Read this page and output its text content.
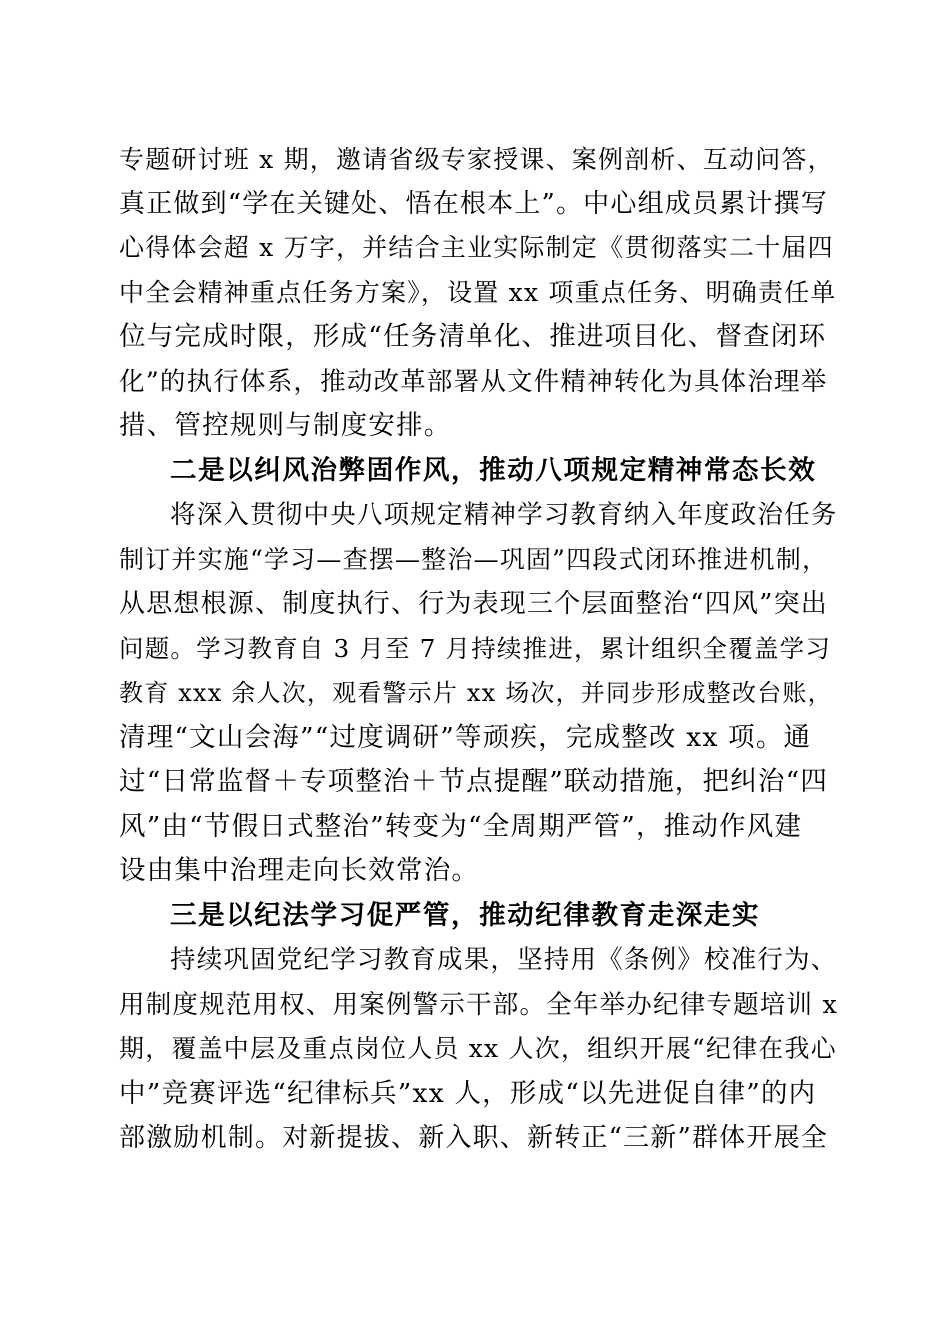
专题研讨班 x 期，邀请省级专家授课、案例剖析、互动问答，
真正做到“学在关键处、悟在根本上”。中心组成员累计撰写
心得体会超 x 万字，并结合主业实际制定《贯彻落实二十届四
中全会精神重点任务方案》，设置 xx 项重点任务、明确责任单
位与完成时限，形成“任务清单化、推进项目化、督查闭环
化”的执行体系，推动改革部署从文件精神转化为具体治理举
措、管控规则与制度安排。
二是以纠风治弊固作风，推动八项规定精神常态长效
将深入贯彻中央八项规定精神学习教育纳入年度政治任务
制订并实施“学习—查摆—整治—巩固”四段式闭环推进机制，
从思想根源、制度执行、行为表现三个层面整治“四风”突出
问题。学习教育自 3 月至 7 月持续推进，累计组织全覆盖学习
教育 xxx 余人次，观看警示片 xx 场次，并同步形成整改台账，
清理“文山会海”“过度调研”等顽疾，完成整改 xx 项。通
过“日常监督＋专项整治＋节点提醒”联动措施，把纠治“四
风”由“节假日式整治”转变为“全周期严管”，推动作风建
设由集中治理走向长效常治。
三是以纪法学习促严管，推动纪律教育走深走实
持续巩固党纪学习教育成果，坚持用《条例》校准行为、
用制度规范用权、用案例警示干部。全年举办纪律专题培训 x
期，覆盖中层及重点岗位人员 xx 人次，组织开展“纪律在我心
中”竞赛评选“纪律标兵”xx 人，形成“以先进促自律”的内
部激励机制。对新提拔、新入职、新转正“三新”群体开展全
